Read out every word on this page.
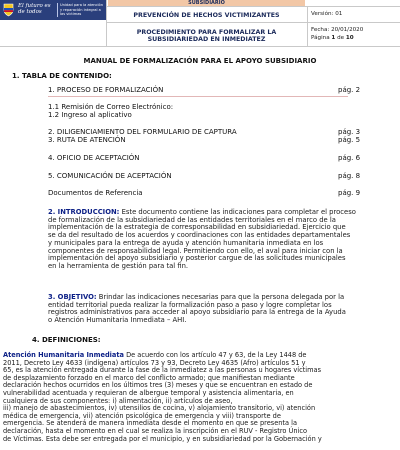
El futuro es de todos
Unidad para la atención y reparación integral a las víctimas
SUBSIDIARIO
PREVENCIÓN DE HECHOS VICTIMIZANTES
PROCEDIMIENTO PARA FORMALIZAR LA SUBSIDIARIEDAD EN INMEDIATEZ
Versión: 01
Fecha: 20/01/2020
Página 1 de 10
MANUAL DE FORMALIZACIÓN PARA EL APOYO SUBSIDIARIO
1. TABLA DE CONTENIDO:
1. PROCESO DE FORMALIZACIÓN	pág. 2
1.1 Remisión de Correo Electrónico:
1.2 Ingreso al aplicativo
2. DILIGENCIAMIENTO DEL FORMULARIO DE CAPTURA	pág. 3
3. RUTA DE ATENCIÓN	pág. 5
4. OFICIO DE ACEPTACIÓN	pág. 6
5. COMUNICACIÓN DE ACEPTACIÓN	pág. 8
Documentos de Referencia	pág. 9
2. INTRODUCCION: Este documento contiene las indicaciones para completar el proceso
de formalización de la subsidiariedad de las entidades territoriales en el marco de la
implementación de la estrategia de corresponsabilidad en subsidiariedad. Ejercicio que
se da del resultado de los acuerdos y coordinaciones con las entidades departamentales
y municipales para la entrega de ayuda y atención humanitaria inmediata en los
componentes de responsabilidad legal. Permitiendo con ello, el aval para iniciar con la
implementación del apoyo subsidiario y posterior cargue de las solicitudes municipales
en la herramienta de gestión para tal fin.
3. OBJETIVO: Brindar las indicaciones necesarias para que la persona delegada por la
entidad territorial pueda realizar la formalización paso a paso y logre completar los
registros administrativos para acceder al apoyo subsidiario para la entrega de la Ayuda
o Atención Humanitaria Inmediata – AHI.
4. DEFINICIONES:
Atención Humanitaria Inmediata De acuerdo con los artículo 47 y 63, de la Ley 1448 de
2011, Decreto Ley 4633 (indígena) artículos 73 y 93, Decreto Ley 4635 (Afro) artículos 51 y
65, es la atención entregada durante la fase de la inmediatez a las personas u hogares víctimas
de desplazamiento forzado en el marco del conflicto armado; que manifiestan mediante
declaración hechos ocurridos en los últimos tres (3) meses y que se encuentran en estado de
vulnerabilidad acentuada y requieran de albergue temporal y asistencia alimentaria, en
cualquiera de sus componentes: i) alimentación, ii) artículos de aseo,
iii) manejo de abastecimientos, iv) utensilios de cocina, v) alojamiento transitorio, vi) atención
médica de emergencia, vii) atención psicológica de emergencia y viii) transporte de
emergencia. Se atenderá de manera inmediata desde el momento en que se presenta la
declaración, hasta el momento en el cual se realiza la inscripción en el RUV - Registro Único
de Víctimas. Esta debe ser entregada por el municipio, y en subsidiariedad por la Gobernación y
